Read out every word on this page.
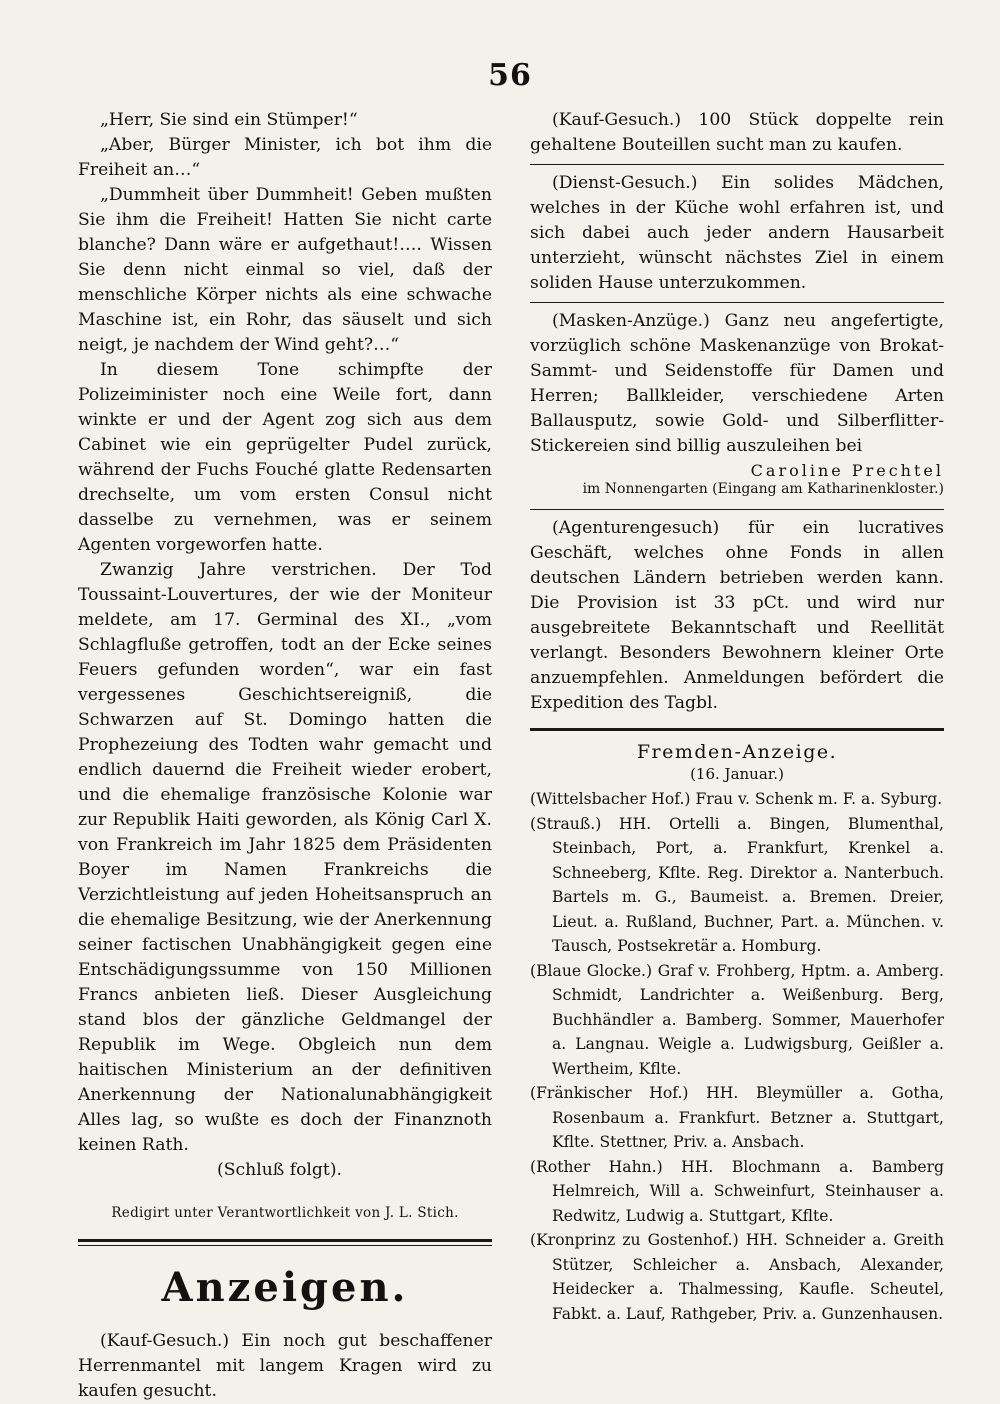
56

„Herr, Sie sind ein Stümper!“

„Aber, Bürger Minister, ich bot ihm die Freiheit an…“

„Dummheit über Dummheit! Geben mußten Sie ihm die Freiheit! Hatten Sie nicht carte blanche? Dann wäre er aufgethaut!…. Wissen Sie denn nicht einmal so viel, daß der menschliche Körper nichts als eine schwache Maschine ist, ein Rohr, das säuselt und sich neigt, je nachdem der Wind geht?…“

In diesem Tone schimpfte der Polizeiminister noch eine Weile fort, dann winkte er und der Agent zog sich aus dem Cabinet wie ein geprügelter Pudel zurück, während der Fuchs Fouché glatte Redensarten drechselte, um vom ersten Consul nicht dasselbe zu vernehmen, was er seinem Agenten vorgeworfen hatte.

Zwanzig Jahre verstrichen. Der Tod Toussaint-Louvertures, der wie der Moniteur meldete, am 17. Germinal des XI., „vom Schlagfluße getroffen, todt an der Ecke seines Feuers gefunden worden“, war ein fast vergessenes Geschichtsereigniß, die Schwarzen auf St. Domingo hatten die Prophezeiung des Todten wahr gemacht und endlich dauernd die Freiheit wieder erobert, und die ehemalige französische Kolonie war zur Republik Haiti geworden, als König Carl X. von Frankreich im Jahr 1825 dem Präsidenten Boyer im Namen Frankreichs die Verzichtleistung auf jeden Hoheitsanspruch an die ehemalige Besitzung, wie der Anerkennung seiner factischen Unabhängigkeit gegen eine Entschädigungssumme von 150 Millionen Francs anbieten ließ. Dieser Ausgleichung stand blos der gänzliche Geldmangel der Republik im Wege. Obgleich nun dem haitischen Ministerium an der definitiven Anerkennung der Nationalunabhängigkeit Alles lag, so wußte es doch der Finanznoth keinen Rath.

(Schluß folgt).

Redigirt unter Verantwortlichkeit von J. L. Stich.
Anzeigen.

(Kauf-Gesuch.) Ein noch gut beschaffener Herrenmantel mit langem Kragen wird zu kaufen gesucht.

(Kauf-Gesuch.) 100 Stück doppelte rein gehaltene Bouteillen sucht man zu kaufen.

(Dienst-Gesuch.) Ein solides Mädchen, welches in der Küche wohl erfahren ist, und sich dabei auch jeder andern Hausarbeit unterzieht, wünscht nächstes Ziel in einem soliden Hause unterzukommen.

(Masken-Anzüge.) Ganz neu angefertigte, vorzüglich schöne Maskenanzüge von Brokat-Sammt- und Seidenstoffe für Damen und Herren; Ballkleider, verschiedene Arten Ballausputz, sowie Gold- und Silberflitter-Stickereien sind billig auszuleihen bei

Caroline Prechtel
im Nonnengarten (Eingang am Katharinenkloster.)

(Agenturengesuch) für ein lucratives Geschäft, welches ohne Fonds in allen deutschen Ländern betrieben werden kann. Die Provision ist 33 pCt. und wird nur ausgebreitete Bekanntschaft und Reellität verlangt. Besonders Bewohnern kleiner Orte anzuempfehlen. Anmeldungen befördert die Expedition des Tagbl.

Fremden-Anzeige.
(16. Januar.)

(Wittelsbacher Hof.) Frau v. Schenk m. F. a. Syburg.

(Strauß.) HH. Ortelli a. Bingen, Blumenthal, Steinbach, Port, a. Frankfurt, Krenkel a. Schneeberg, Kflte. Reg. Direktor a. Nanterbuch. Bartels m. G., Baumeist. a. Bremen. Dreier, Lieut. a. Rußland, Buchner, Part. a. München. v. Tausch, Postsekretär a. Homburg.

(Blaue Glocke.) Graf v. Frohberg, Hptm. a. Amberg. Schmidt, Landrichter a. Weißenburg. Berg, Buchhändler a. Bamberg. Sommer, Mauerhofer a. Langnau. Weigle a. Ludwigsburg, Geißler a. Wertheim, Kflte.

(Fränkischer Hof.) HH. Bleymüller a. Gotha, Rosenbaum a. Frankfurt. Betzner a. Stuttgart, Kflte. Stettner, Priv. a. Ansbach.

(Rother Hahn.) HH. Blochmann a. Bamberg Helmreich, Will a. Schweinfurt, Steinhauser a. Redwitz, Ludwig a. Stuttgart, Kflte.

(Kronprinz zu Gostenhof.) HH. Schneider a. Greith Stützer, Schleicher a. Ansbach, Alexander, Heidecker a. Thalmessing, Kaufle. Scheutel, Fabkt. a. Lauf, Rathgeber, Priv. a. Gunzenhausen.
